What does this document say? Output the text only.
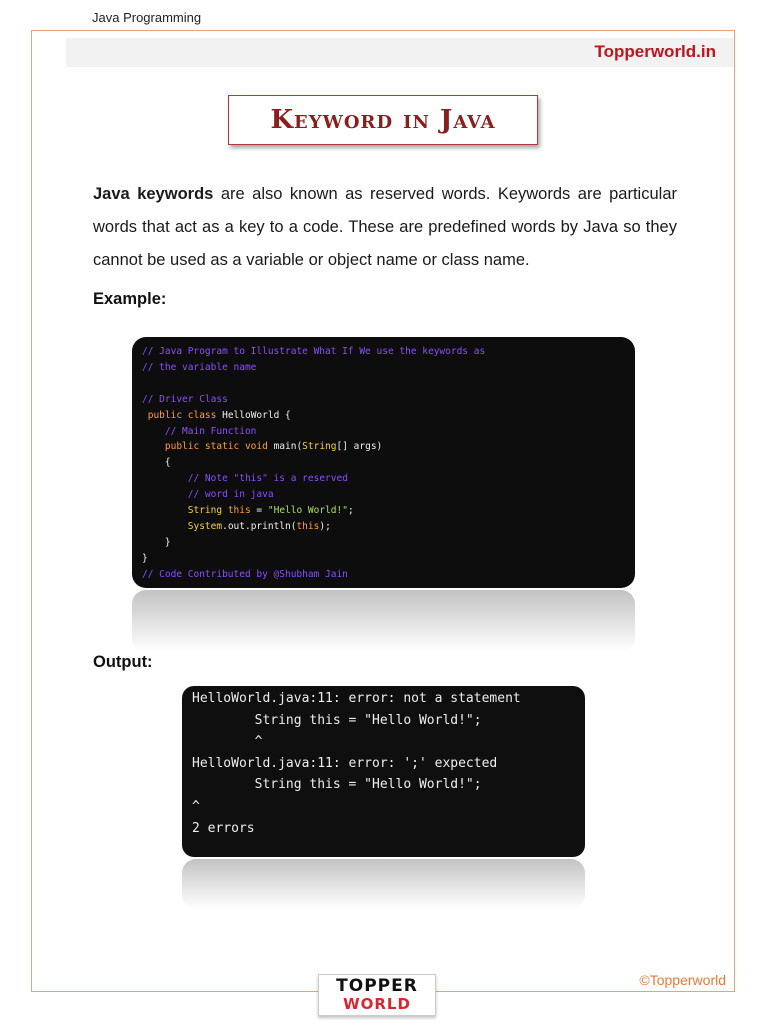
Java Programming
Topperworld.in
Keyword in Java
Java keywords are also known as reserved words. Keywords are particular words that act as a key to a code. These are predefined words by Java so they cannot be used as a variable or object name or class name.
Example:
// Java Program to Illustrate What If We use the keywords as
// the variable name

// Driver Class
public class HelloWorld {
// Main Function
public static void main(String[] args)
{
// Note "this" is a reserved
// word in java
String this = "Hello World!";
System.out.println(this);
}
}
// Code Contributed by @Shubham Jain
Output:
HelloWorld.java:11: error: not a statement
String this = "Hello World!";
^
HelloWorld.java:11: error: ';' expected
String this = "Hello World!";
^
2 errors
©Topperworld
TOPPER
WORLD
